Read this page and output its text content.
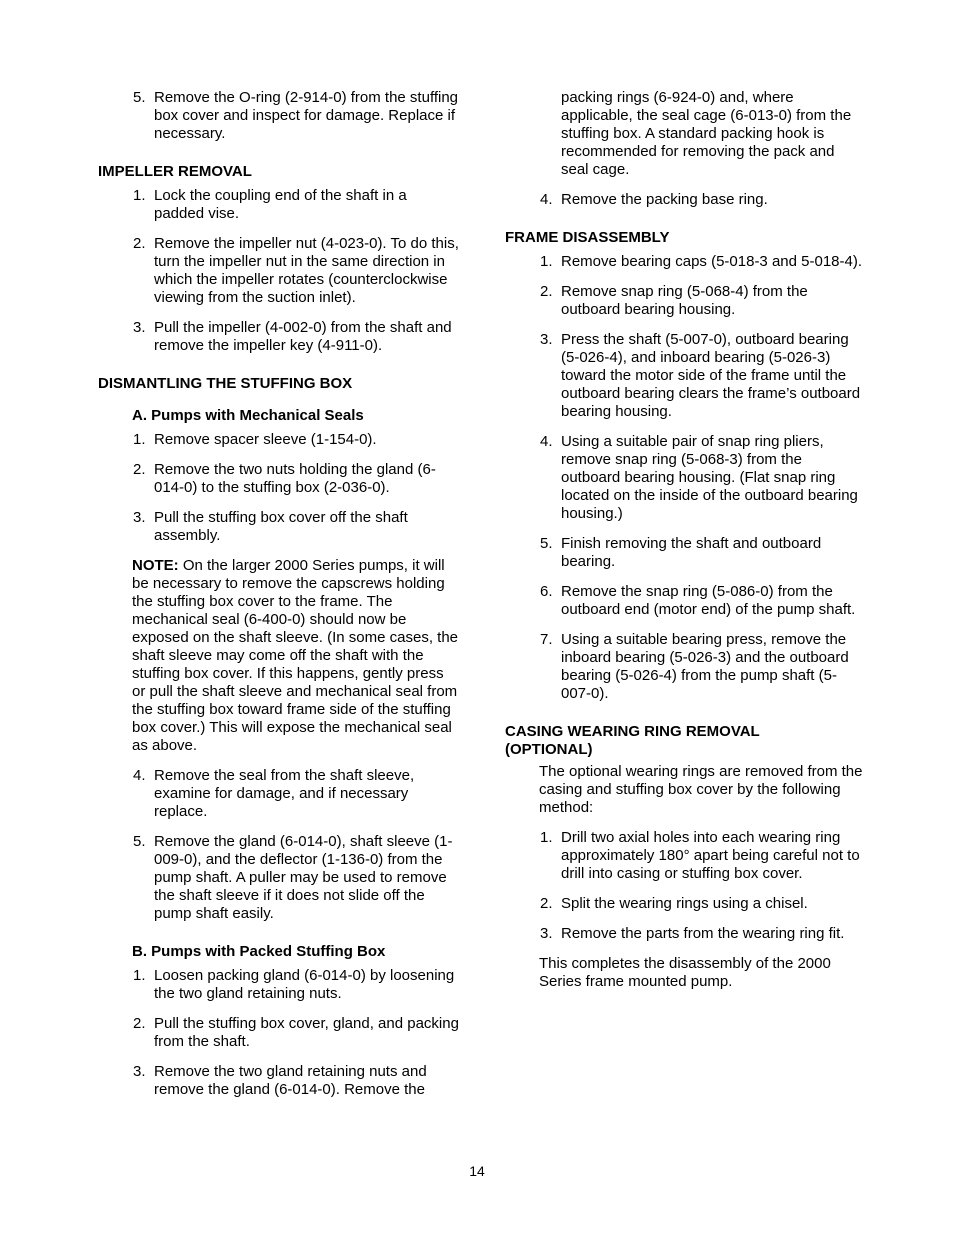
5. Remove the O-ring (2-914-0) from the stuffing box cover and inspect for damage. Replace if necessary.
IMPELLER REMOVAL
1. Lock the coupling end of the shaft in a padded vise.
2. Remove the impeller nut (4-023-0). To do this, turn the impeller nut in the same direction in which the impeller rotates (counterclockwise viewing from the suction inlet).
3. Pull the impeller (4-002-0) from the shaft and remove the impeller key (4-911-0).
DISMANTLING THE STUFFING BOX
A. Pumps with Mechanical Seals
1. Remove spacer sleeve (1-154-0).
2. Remove the two nuts holding the gland (6-014-0) to the stuffing box (2-036-0).
3. Pull the stuffing box cover off the shaft assembly.
NOTE: On the larger 2000 Series pumps, it will be necessary to remove the capscrews holding the stuffing box cover to the frame. The mechanical seal (6-400-0) should now be exposed on the shaft sleeve. (In some cases, the shaft sleeve may come off the shaft with the stuffing box cover. If this happens, gently press or pull the shaft sleeve and mechanical seal from the stuffing box toward frame side of the stuffing box cover.) This will expose the mechanical seal as above.
4. Remove the seal from the shaft sleeve, examine for damage, and if necessary replace.
5. Remove the gland (6-014-0), shaft sleeve (1-009-0), and the deflector (1-136-0) from the pump shaft. A puller may be used to remove the shaft sleeve if it does not slide off the pump shaft easily.
B. Pumps with Packed Stuffing Box
1. Loosen packing gland (6-014-0) by loosening the two gland retaining nuts.
2. Pull the stuffing box cover, gland, and packing from the shaft.
3. Remove the two gland retaining nuts and remove the gland (6-014-0). Remove the
packing rings (6-924-0) and, where applicable, the seal cage (6-013-0) from the stuffing box. A standard packing hook is recommended for removing the pack and seal cage.
4. Remove the packing base ring.
FRAME DISASSEMBLY
1. Remove bearing caps (5-018-3 and 5-018-4).
2. Remove snap ring (5-068-4) from the outboard bearing housing.
3. Press the shaft (5-007-0), outboard bearing (5-026-4), and inboard bearing (5-026-3) toward the motor side of the frame until the outboard bearing clears the frame’s outboard bearing housing.
4. Using a suitable pair of snap ring pliers, remove snap ring (5-068-3) from the outboard bearing housing. (Flat snap ring located on the inside of the outboard bearing housing.)
5. Finish removing the shaft and outboard bearing.
6. Remove the snap ring (5-086-0) from the outboard end (motor end) of the pump shaft.
7. Using a suitable bearing press, remove the inboard bearing (5-026-3) and the outboard bearing (5-026-4) from the pump shaft (5-007-0).
CASING WEARING RING REMOVAL
(OPTIONAL)
The optional wearing rings are removed from the casing and stuffing box cover by the following method:
1. Drill two axial holes into each wearing ring approximately 180° apart being careful not to drill into casing or stuffing box cover.
2. Split the wearing rings using a chisel.
3. Remove the parts from the wearing ring fit.
This completes the disassembly of the 2000 Series frame mounted pump.
14
